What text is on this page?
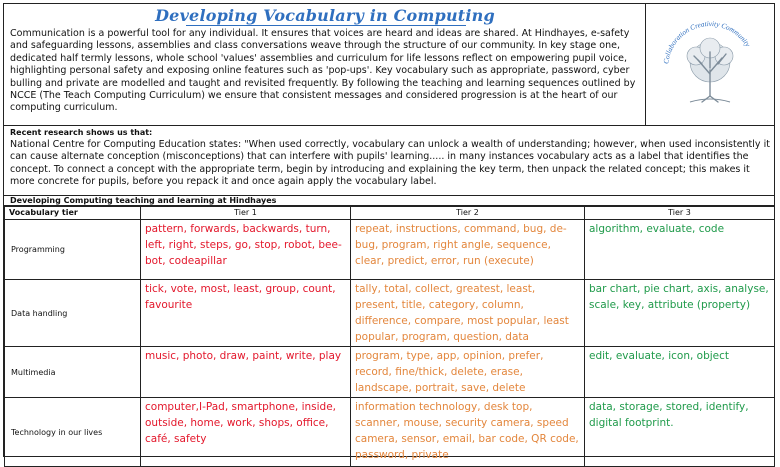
Developing Vocabulary in Computing
Communication is a powerful tool for any individual. It ensures that voices are heard and ideas are shared. At Hindhayes, e-safety and safeguarding lessons, assemblies and class conversations weave through the structure of our community. In key stage one, dedicated half termly lessons, whole school 'values' assemblies and curriculum for life lessons reflect on empowering pupil voice, highlighting personal safety and exposing online features such as 'pop-ups'. Key vocabulary such as appropriate, password, cyber bulling and private are modelled and taught and revisited frequently. By following the teaching and learning sequences outlined by NCCE (The Teach Computing Curriculum) we ensure that consistent messages and considered progression is at the heart of our computing curriculum.
Collaboration Creativity Community
Recent research shows us that:
National Centre for Computing Education states: "When used correctly, vocabulary can unlock a wealth of understanding; however, when used inconsistently it can cause alternate conception (misconceptions) that can interfere with pupils' learning..... in many instances vocabulary acts as a label that identifies the concept. To connect a concept with the appropriate term, begin by introducing and explaining the key term, then unpack the related concept; this makes it more concrete for pupils, before you repack it and once again apply the vocabulary label.
Developing Computing teaching and learning at Hindhayes
Vocabulary tier	Tier 1	Tier 2	Tier 3
Programming	pattern, forwards, backwards, turn, left, right, steps, go, stop, robot, bee-bot, codeapillar	repeat, instructions, command, bug, de-bug, program, right angle, sequence, clear, predict, error, run (execute)	algorithm, evaluate, code
Data handling	tick, vote, most, least, group, count, favourite	tally, total, collect, greatest, least, present, title, category, column, difference, compare, most popular, least popular, program, question, data	bar chart, pie chart, axis, analyse, scale, key, attribute (property)
Multimedia	music, photo, draw, paint, write, play	program, type, app, opinion, prefer, record, fine/thick, delete, erase, landscape, portrait, save, delete	edit, evaluate, icon, object
Technology in our lives	computer,I-Pad, smartphone, inside, outside, home, work, shops, office, café, safety	information technology, desk top, scanner, mouse, security camera, speed camera, sensor, email, bar code, QR code, password, private	data, storage, stored, identify, digital footprint.
